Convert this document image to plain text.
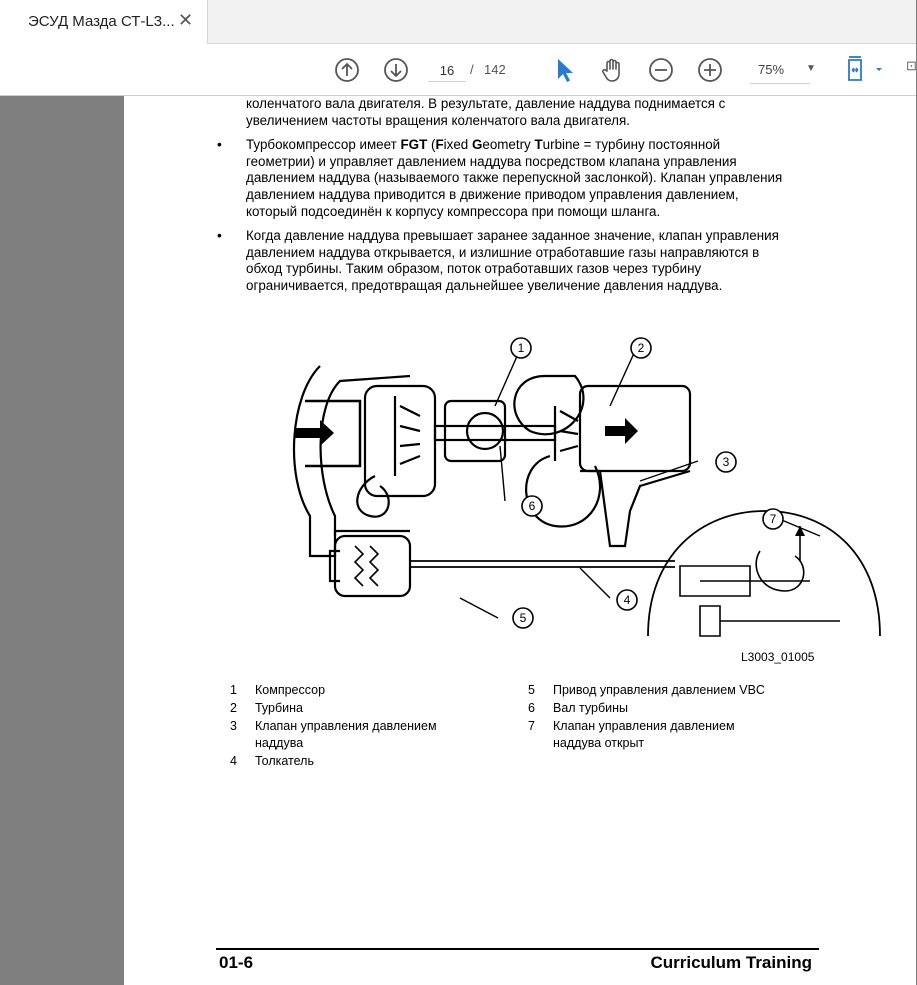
ЭСУД Мазда СТ-L3... ✕
16
/ 142	75% ▼	⊡
коленчатого вала двигателя. В результате, давление наддува поднимается с увеличением частоты вращения коленчатого вала двигателя.
• Турбокомпрессор имеет FGT (Fixed Geometry Turbine = турбину постоянной геометрии) и управляет давлением наддува посредством клапана управления давлением наддува (называемого также перепускной заслонкой). Клапан управления давлением наддува приводится в движение приводом управления давлением, который подсоединён к корпусу компрессора при помощи шланга.
• Когда давление наддува превышает заранее заданное значение, клапан управления давлением наддува открывается, и излишние отработавшие газы направляются в обход турбины. Таким образом, поток отработавших газов через турбину ограничивается, предотвращая дальнейшее увеличение давления наддува.
1	2
3
4
5
6
7
L3003_01005
1 Компрессор
2 Турбина
3 Клапан управления давлением наддува
4 Толкатель
5 Привод управления давлением VBC
6 Вал турбины
7 Клапан управления давлением наддува открыт
01-6	Curriculum Training
